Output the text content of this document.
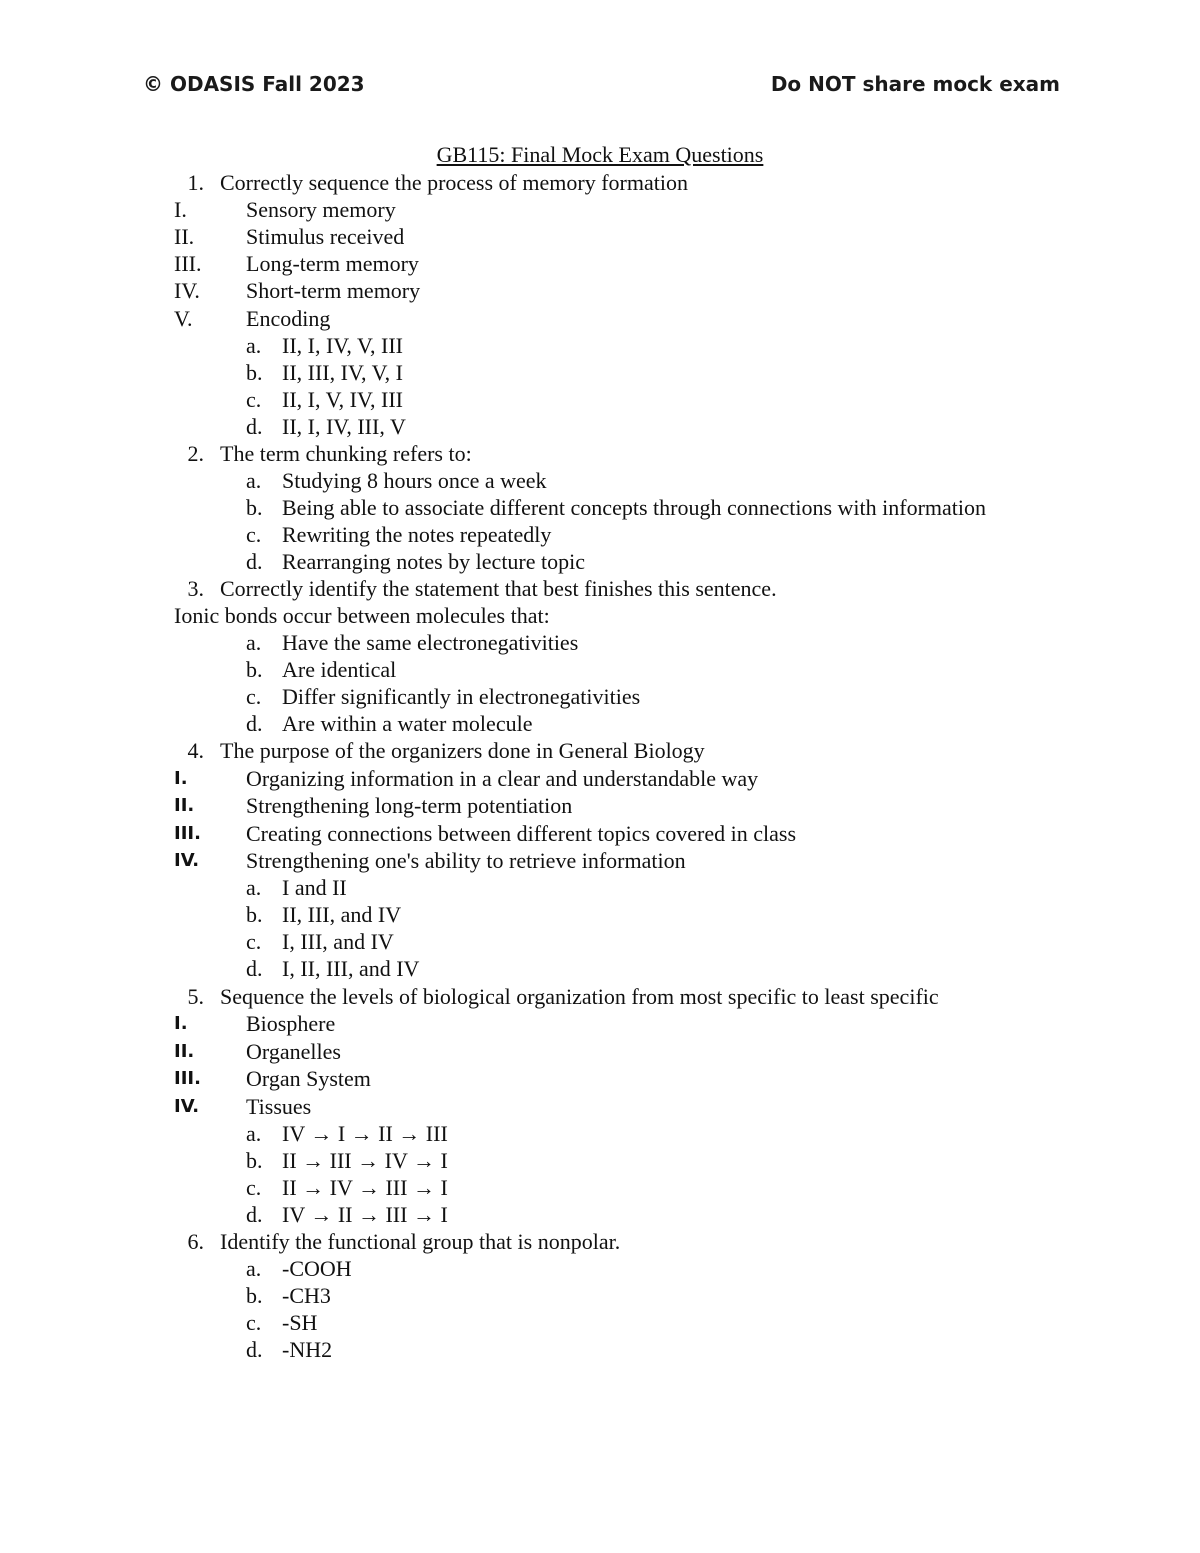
© ODASIS Fall 2023	Do NOT share mock exam
GB115: Final Mock Exam Questions
1. Correctly sequence the process of memory formation
I.	Sensory memory
II. Stimulus received
III. Long-term memory
IV. Short-term memory
V. Encoding
a. II, I, IV, V, III
b. II, III, IV, V, I
c. II, I, V, IV, III
d. II, I, IV, III, V
2. The term chunking refers to:
a. Studying 8 hours once a week
b. Being able to associate different concepts through connections with information
c. Rewriting the notes repeatedly
d. Rearranging notes by lecture topic
3. Correctly identify the statement that best finishes this sentence.
Ionic bonds occur between molecules that:
a. Have the same electronegativities
b. Are identical
c. Differ significantly in electronegativities
d. Are within a water molecule
4. The purpose of the organizers done in General Biology
I.	Organizing information in a clear and understandable way
II. Strengthening long-term potentiation
III. Creating connections between different topics covered in class
IV. Strengthening one's ability to retrieve information
a. I and II
b. II, III, and IV
c. I, III, and IV
d. I, II, III, and IV
5. Sequence the levels of biological organization from most specific to least specific
I.	Biosphere
II. Organelles
III. Organ System
IV. Tissues
a. IV → I → II → III
b. II → III → IV → I
c. II → IV → III → I
d. IV → II → III → I
6. Identify the functional group that is nonpolar.
a. -COOH
b. -CH3
c. -SH
d. -NH2
